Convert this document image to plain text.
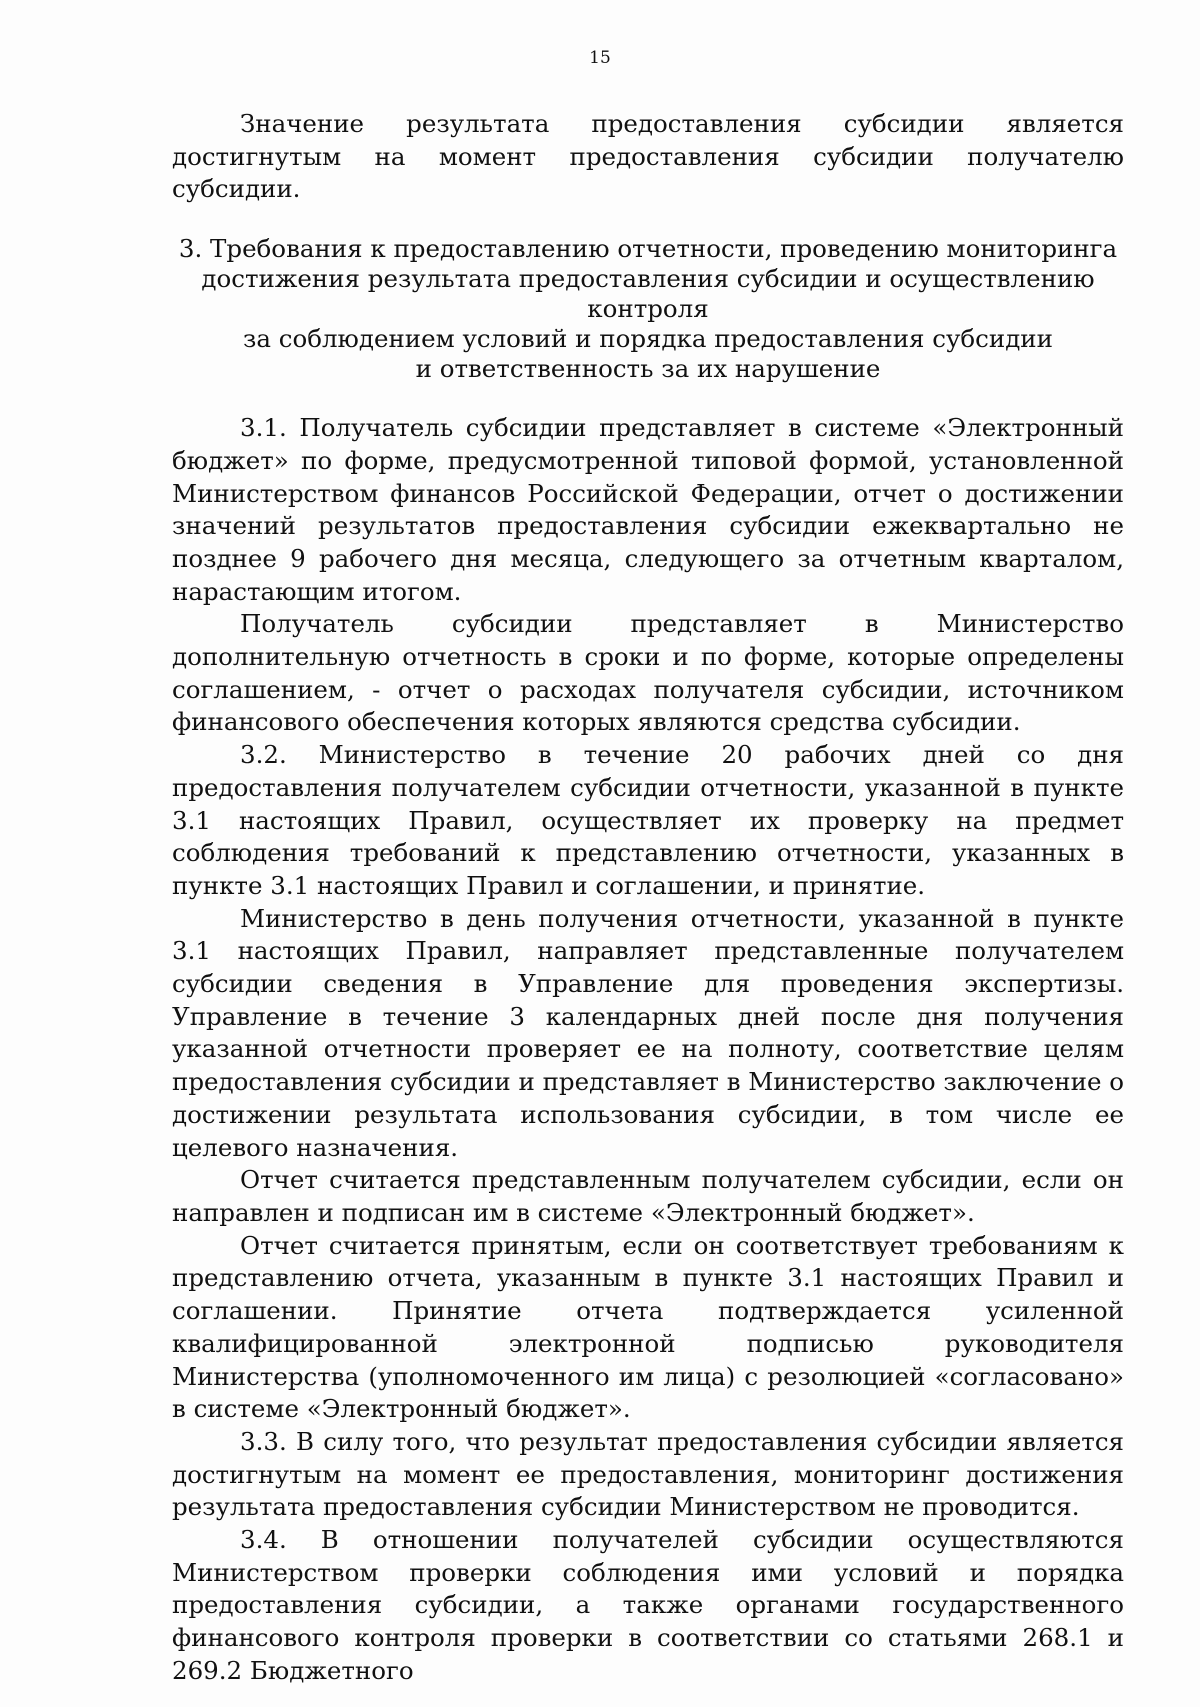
15

Значение результата предоставления субсидии является достигнутым на момент предоставления субсидии получателю субсидии.

3. Требования к предоставлению отчетности, проведению мониторинга
достижения результата предоставления субсидии и осуществлению контроля
за соблюдением условий и порядка предоставления субсидии
и ответственность за их нарушение

3.1. Получатель субсидии представляет в системе «Электронный бюджет» по форме, предусмотренной типовой формой, установленной Министерством финансов Российской Федерации, отчет о достижении значений результатов предоставления субсидии ежеквартально не позднее 9 рабочего дня месяца, следующего за отчетным кварталом, нарастающим итогом.

Получатель субсидии представляет в Министерство дополнительную отчетность в сроки и по форме, которые определены соглашением, - отчет о расходах получателя субсидии, источником финансового обеспечения которых являются средства субсидии.

3.2. Министерство в течение 20 рабочих дней со дня предоставления получателем субсидии отчетности, указанной в пункте 3.1 настоящих Правил, осуществляет их проверку на предмет соблюдения требований к представлению отчетности, указанных в пункте 3.1 настоящих Правил и соглашении, и принятие.

Министерство в день получения отчетности, указанной в пункте 3.1 настоящих Правил, направляет представленные получателем субсидии сведения в Управление для проведения экспертизы. Управление в течение 3 календарных дней после дня получения указанной отчетности проверяет ее на полноту, соответствие целям предоставления субсидии и представляет в Министерство заключение о достижении результата использования субсидии, в том числе ее целевого назначения.

Отчет считается представленным получателем субсидии, если он направлен и подписан им в системе «Электронный бюджет».

Отчет считается принятым, если он соответствует требованиям к представлению отчета, указанным в пункте 3.1 настоящих Правил и соглашении. Принятие отчета подтверждается усиленной квалифицированной электронной подписью руководителя Министерства (уполномоченного им лица) с резолюцией «согласовано» в системе «Электронный бюджет».

3.3. В силу того, что результат предоставления субсидии является достигнутым на момент ее предоставления, мониторинг достижения результата предоставления субсидии Министерством не проводится.

3.4. В отношении получателей субсидии осуществляются Министерством проверки соблюдения ими условий и порядка предоставления субсидии, а также органами государственного финансового контроля проверки в соответствии со статьями 268.1 и 269.2 Бюджетного
